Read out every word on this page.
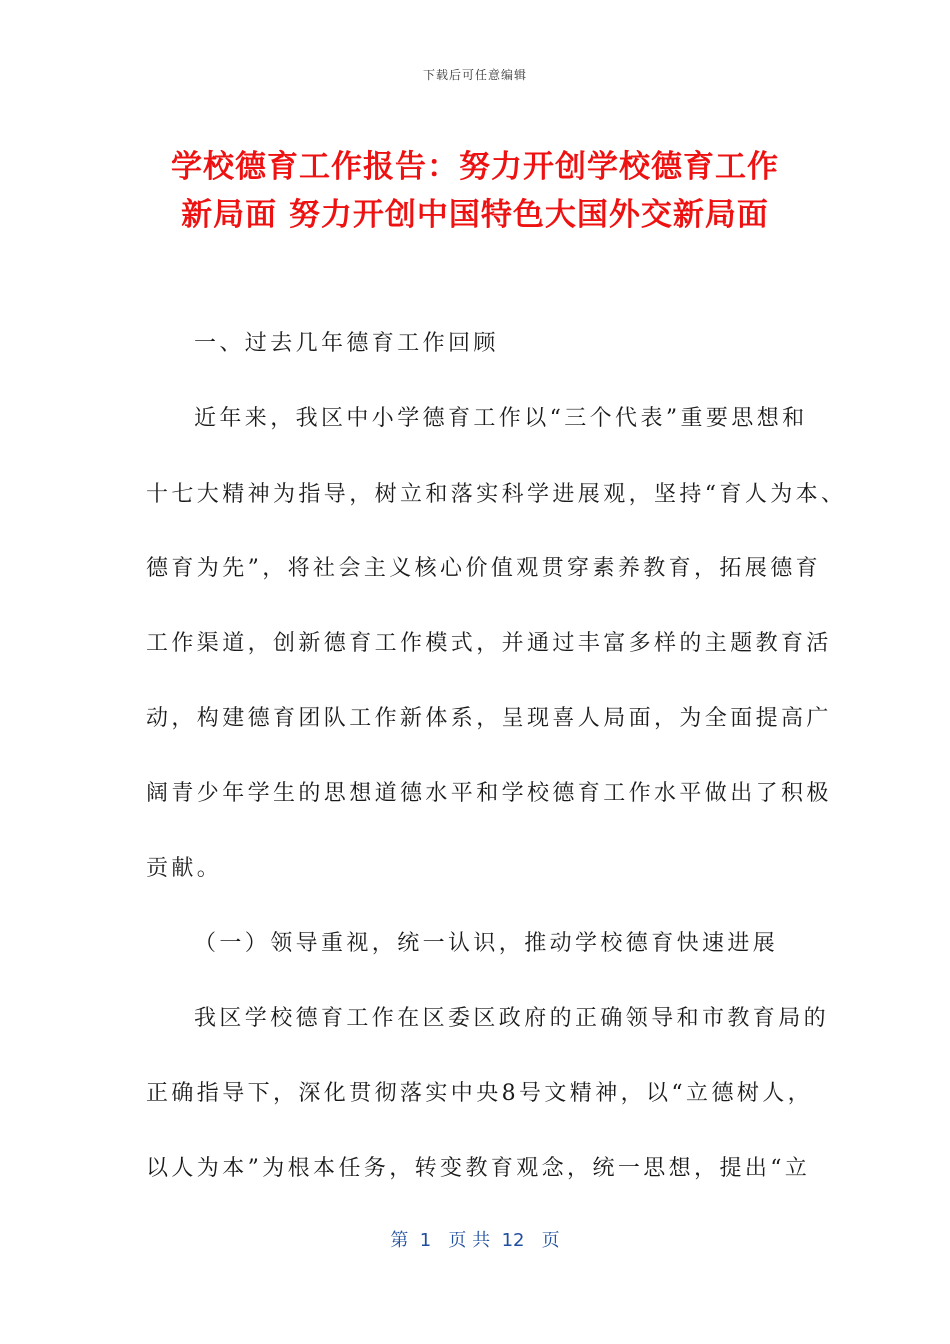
下载后可任意编辑
学校德育工作报告：努力开创学校德育工作
新局面 努力开创中国特色大国外交新局面
一、过去几年德育工作回顾
近年来，我区中小学德育工作以“三个代表”重要思想和
十七大精神为指导，树立和落实科学进展观，坚持“育人为本、
德育为先”，将社会主义核心价值观贯穿素养教育，拓展德育
工作渠道，创新德育工作模式，并通过丰富多样的主题教育活
动，构建德育团队工作新体系，呈现喜人局面，为全面提高广
阔青少年学生的思想道德水平和学校德育工作水平做出了积极
贡献。
（一）领导重视，统一认识，推动学校德育快速进展
我区学校德育工作在区委区政府的正确领导和市教育局的
正确指导下，深化贯彻落实中央8号文精神，以“立德树人，
以人为本”为根本任务，转变教育观念，统一思想，提出“立
第  1   页 共  12   页
